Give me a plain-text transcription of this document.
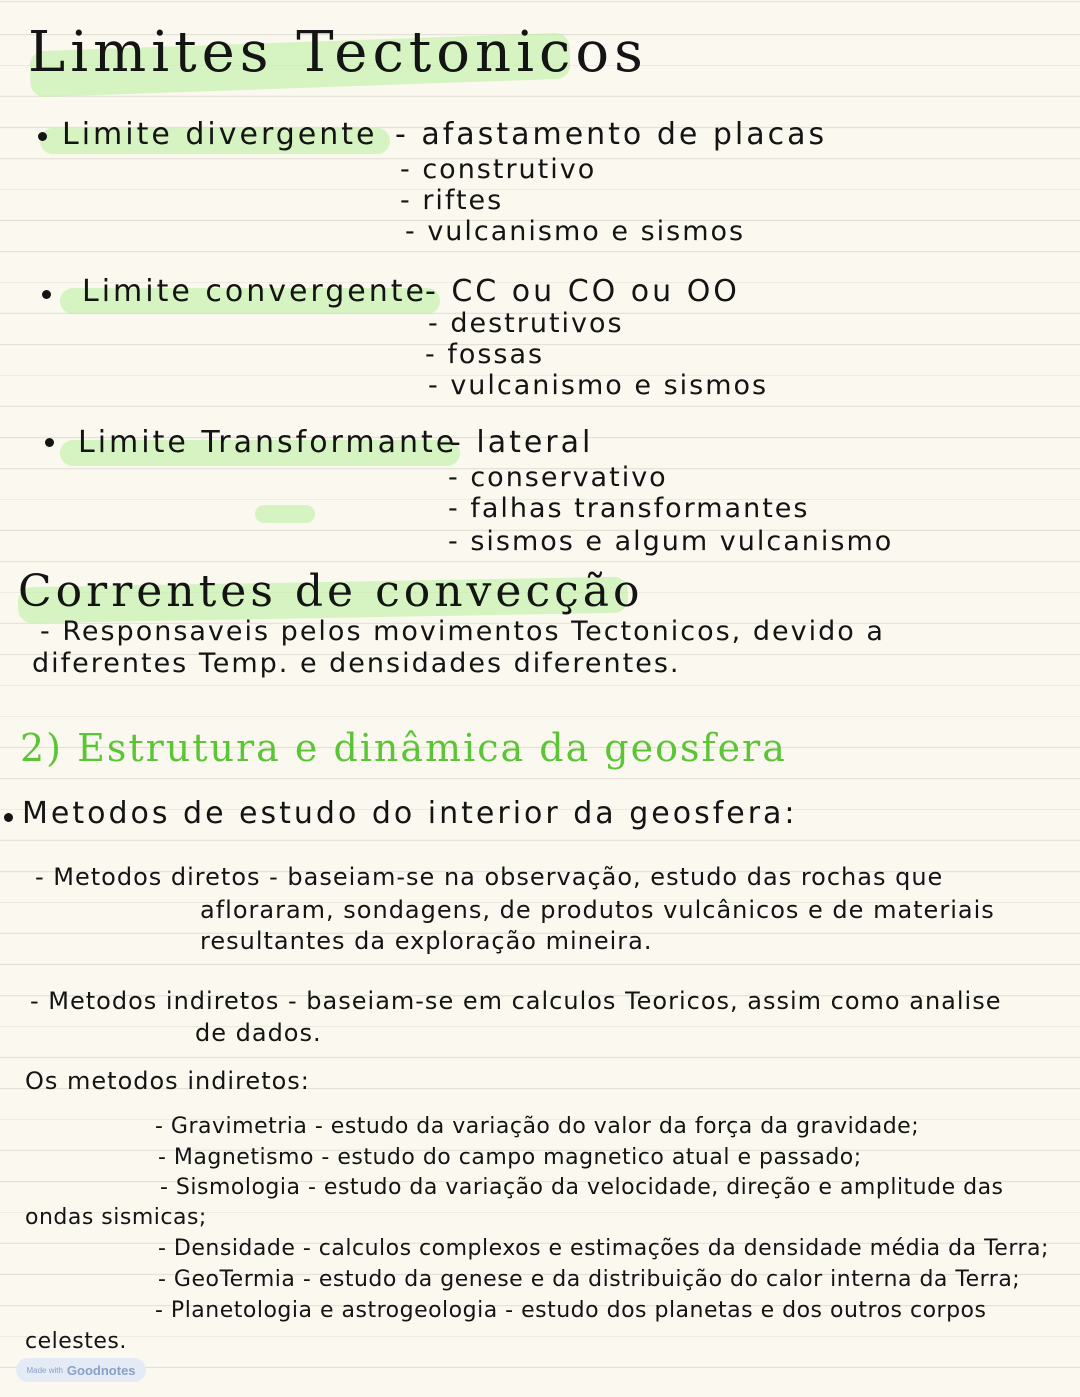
Limites Tectonicos
Limite divergente - afastamento de placas
- construtivo
- riftes
- vulcanismo e sismos
Limite convergente
- CC ou CO ou OO
- destrutivos
- fossas
- vulcanismo e sismos
Limite Transformante
- lateral
- conservativo
- falhas transformantes
- sismos e algum vulcanismo
Correntes de convecção
- Responsaveis pelos movimentos Tectonicos, devido a
diferentes Temp. e densidades diferentes.
2) Estrutura e dinâmica da geosfera
Metodos de estudo do interior da geosfera:
- Metodos diretos - baseiam-se na observação, estudo das rochas que
afloraram, sondagens, de produtos vulcânicos e de materiais
resultantes da exploração mineira.
- Metodos indiretos - baseiam-se em calculos Teoricos, assim como analise
de dados.
Os metodos indiretos:
- Gravimetria - estudo da variação do valor da força da gravidade;
- Magnetismo - estudo do campo magnetico atual e passado;
- Sismologia - estudo da variação da velocidade, direção e amplitude das
ondas sismicas;
- Densidade - calculos complexos e estimações da densidade média da Terra;
- GeoTermia - estudo da genese e da distribuição do calor interna da Terra;
- Planetologia e astrogeologia - estudo dos planetas e dos outros corpos
celestes.
Made with Goodnotes
